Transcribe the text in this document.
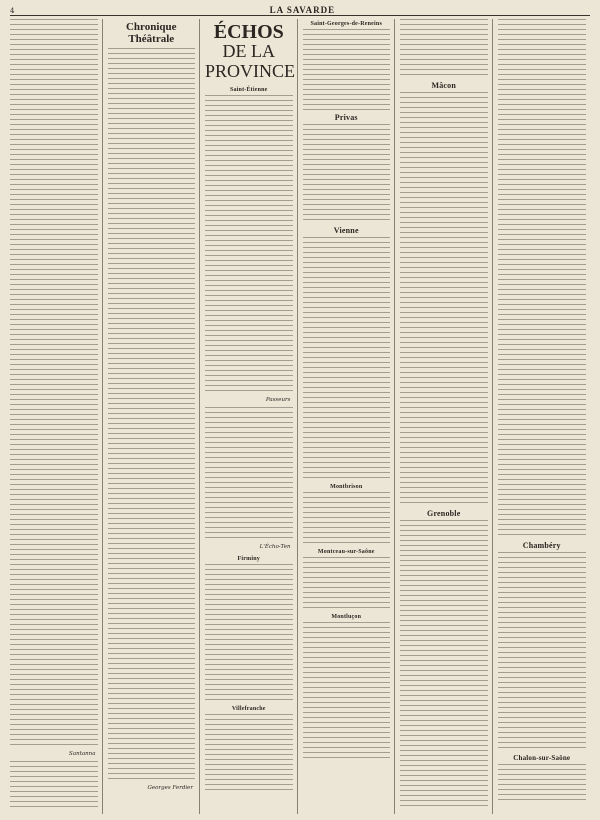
4	LA SAVARDE
Santanna
Chronique Théâtrale
Georges Ferdier
ÉCHOS
DE LA PROVINCE
Saint-Étienne
Passeurs
L'Écho-Ten
Firminy
Villefranche
Saint-Georges-de-Reneins
Privas
Vienne
Montbrison
Montceau-sur-Saône
Montluçon
Mâcon
Grenoble
Chambéry
Chalon-sur-Saône
